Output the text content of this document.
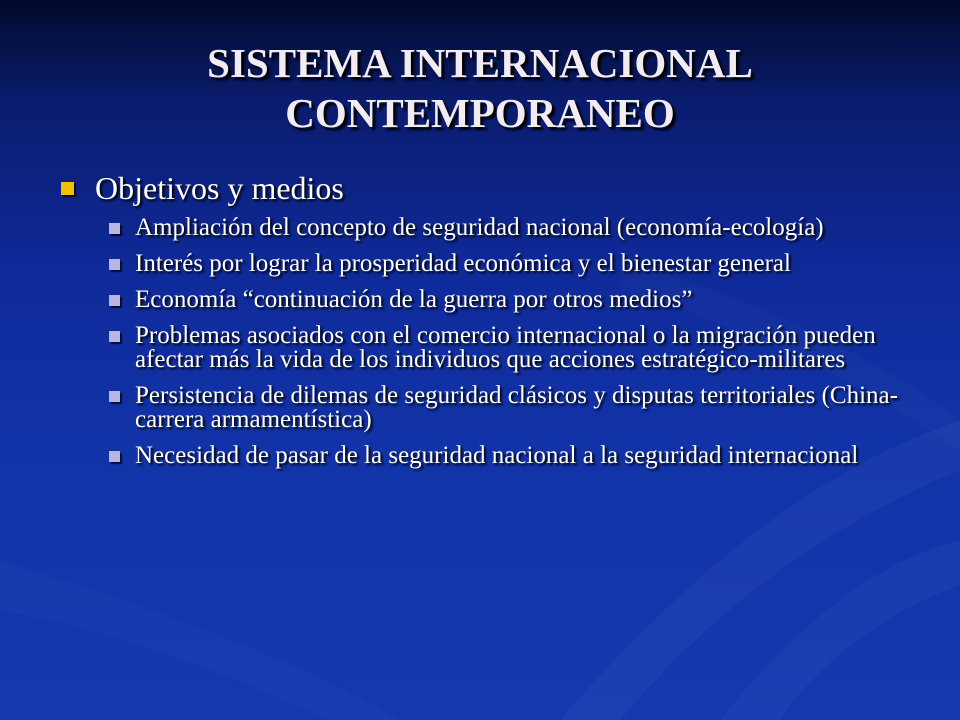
SISTEMA INTERNACIONAL
CONTEMPORANEO
Objetivos y medios
Ampliación del concepto de seguridad nacional (economía-ecología)
Interés por lograr la prosperidad económica y el bienestar general
Economía “continuación de la guerra por otros medios”
Problemas asociados con el comercio internacional o la migración pueden afectar más la vida de los individuos que acciones estratégico-militares
Persistencia de dilemas de seguridad clásicos y disputas territoriales (China- carrera armamentística)
Necesidad de pasar de la seguridad nacional a la seguridad internacional
